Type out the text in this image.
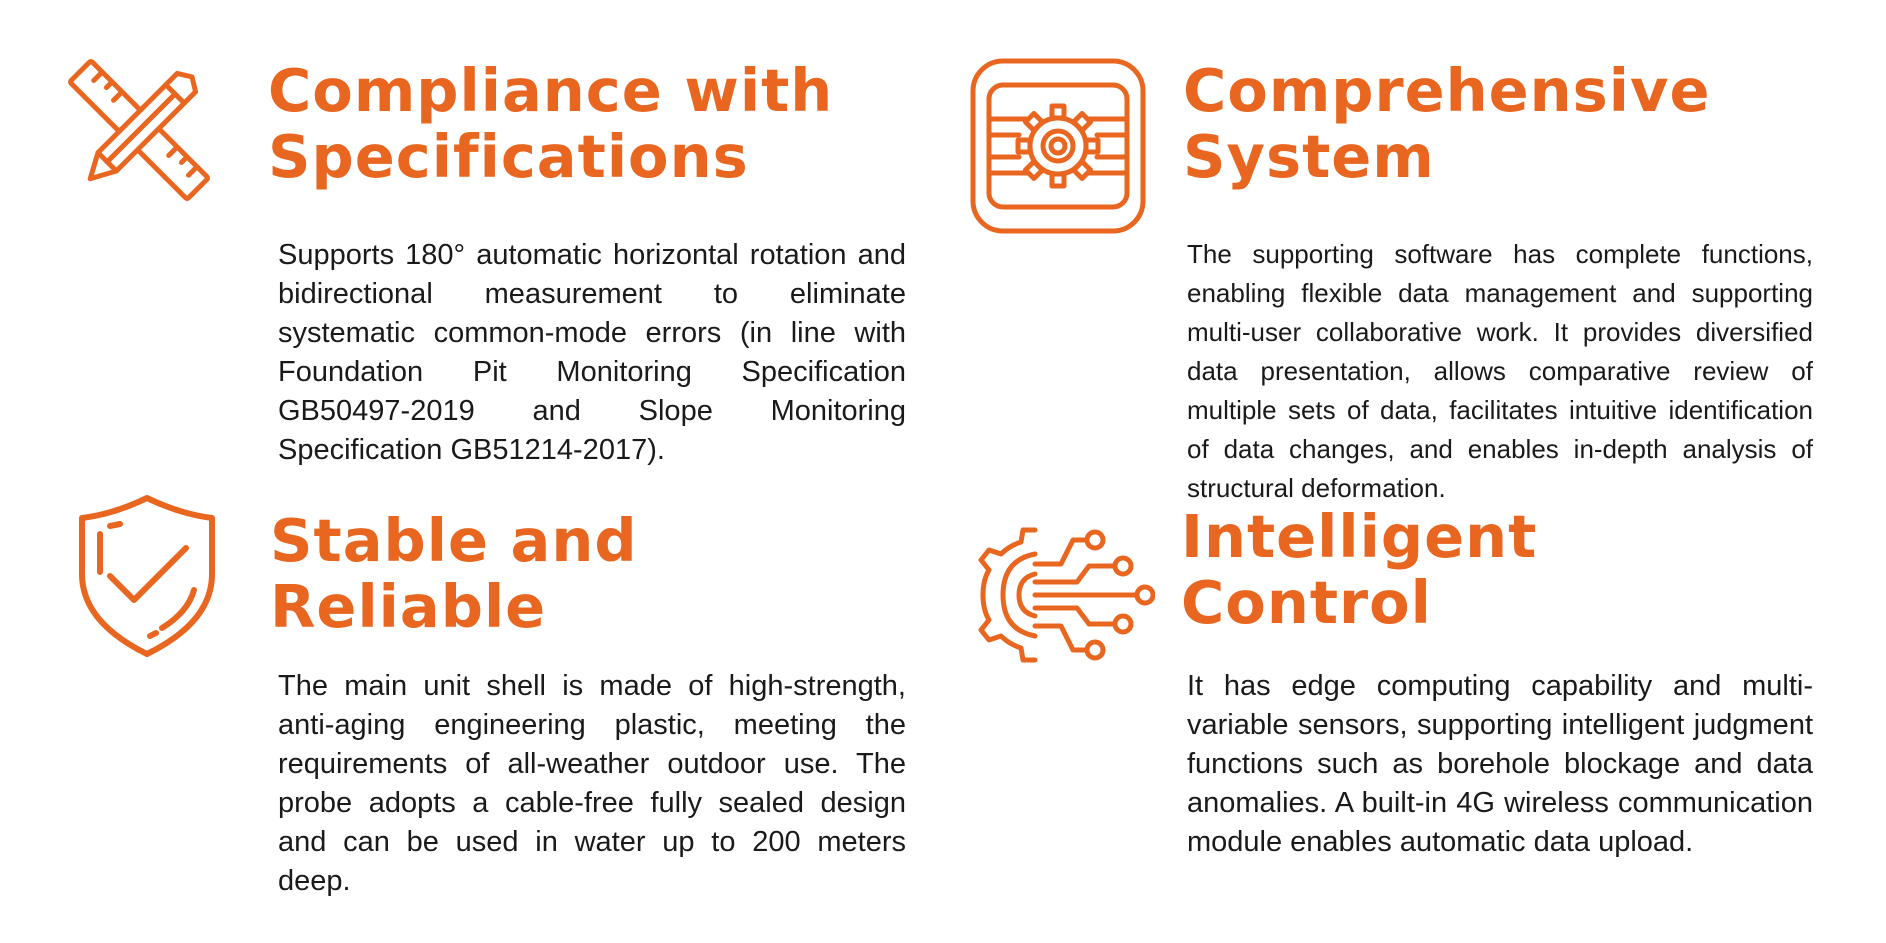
Compliance with
Specifications

Supports 180° automatic horizontal rotation and bidirectional measurement to eliminate systematic common-mode errors (in line with Foundation Pit Monitoring Specification GB50497-2019 and Slope Monitoring Specification GB51214-2017).

Comprehensive
System

The supporting software has complete functions, enabling flexible data management and supporting multi-user collaborative work. It provides diversified data presentation, allows comparative review of multiple sets of data, facilitates intuitive identification of data changes, and enables in-depth analysis of structural deformation.

Stable and
Reliable

The main unit shell is made of high-strength, anti-aging engineering plastic, meeting the requirements of all-weather outdoor use. The probe adopts a cable-free fully sealed design and can be used in water up to 200 meters deep.

Intelligent
Control

It has edge computing capability and multi-variable sensors, supporting intelligent judgment functions such as borehole blockage and data anomalies. A built-in 4G wireless communication module enables automatic data upload.
